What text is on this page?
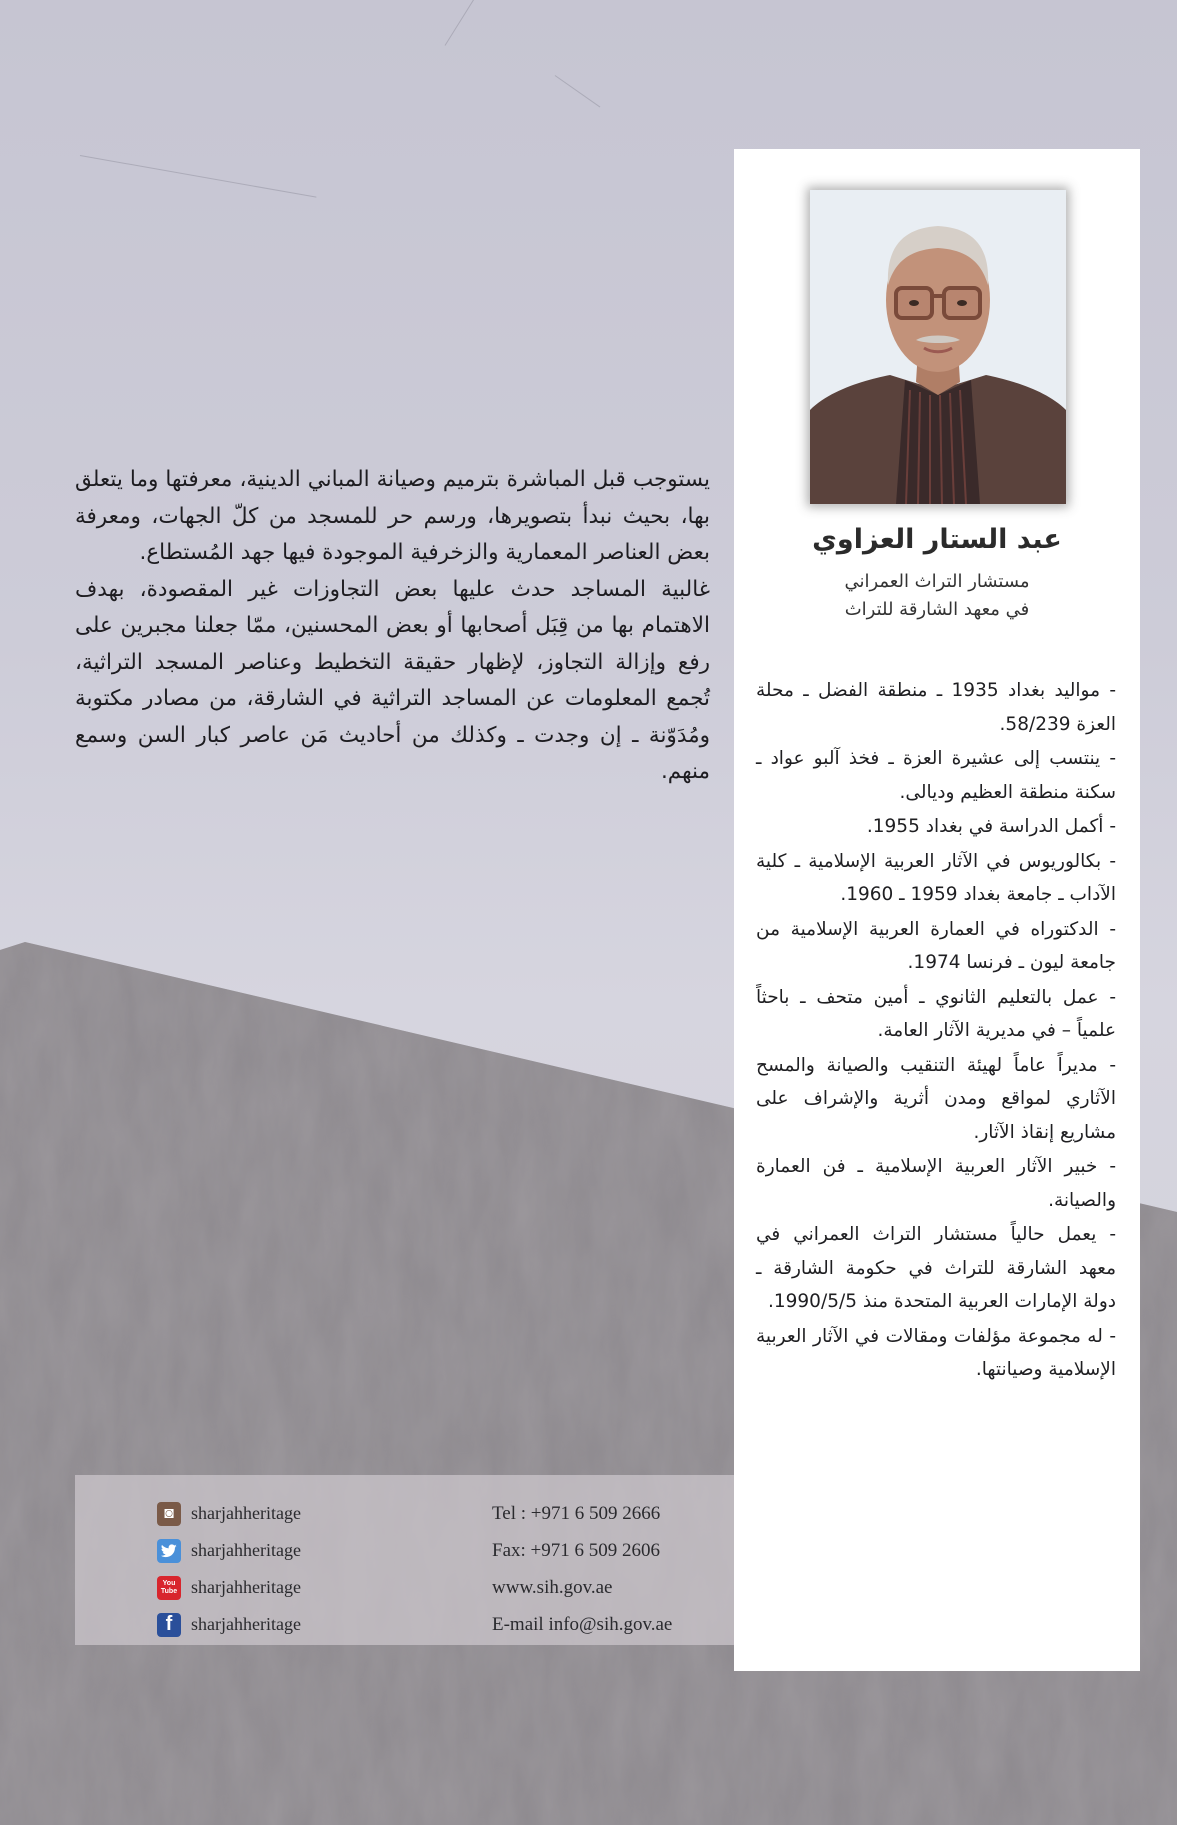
يستوجب قبل المباشرة بترميم وصيانة المباني الدينية، معرفتها وما يتعلق بها، بحيث نبدأ بتصويرها، ورسم حر للمسجد من كلّ الجهات، ومعرفة بعض العناصر المعمارية والزخرفية الموجودة فيها جهد المُستطاع.

غالبية المساجد حدث عليها بعض التجاوزات غير المقصودة، بهدف الاهتمام بها من قِبَل أصحابها أو بعض المحسنين، ممّا جعلنا مجبرين على رفع وإزالة التجاوز، لإظهار حقيقة التخطيط وعناصر المسجد التراثية، تُجمع المعلومات عن المساجد التراثية في الشارقة، من مصادر مكتوبة ومُدَوّنة ـ إن وجدت ـ وكذلك من أحاديث مَن عاصر كبار السن وسمع منهم.

◙ sharjahheritage
sharjahheritage
You
Tube sharjahheritage
f	sharjahheritage
Tel : +971 6 509 2666
Fax: +971 6 509 2606
www.sih.gov.ae
E-mail info@sih.gov.ae
عبد الستار العزاوي
مستشار التراث العمراني
في معهد الشارقة للتراث

- مواليد بغداد 1935 ـ منطقة الفضل ـ محلة العزة 58/239.

- ينتسب إلى عشيرة العزة ـ فخذ آلبو عواد ـ سكنة منطقة العظيم وديالى.

- أكمل الدراسة في بغداد 1955.

- بكالوريوس في الآثار العربية الإسلامية ـ كلية الآداب ـ جامعة بغداد 1959 ـ 1960.

- الدكتوراه في العمارة العربية الإسلامية من جامعة ليون ـ فرنسا 1974.

- عمل بالتعليم الثانوي ـ أمين متحف ـ باحثاً علمياً – في مديرية الآثار العامة.

- مديراً عاماً لهيئة التنقيب والصيانة والمسح الآثاري لمواقع ومدن أثرية والإشراف على مشاريع إنقاذ الآثار.

- خبير الآثار العربية الإسلامية ـ فن العمارة والصيانة.

- يعمل حالياً مستشار التراث العمراني في معهد الشارقة للتراث في حكومة الشارقة ـ دولة الإمارات العربية المتحدة منذ 1990/5/5.

- له مجموعة مؤلفات ومقالات في الآثار العربية الإسلامية وصيانتها.
